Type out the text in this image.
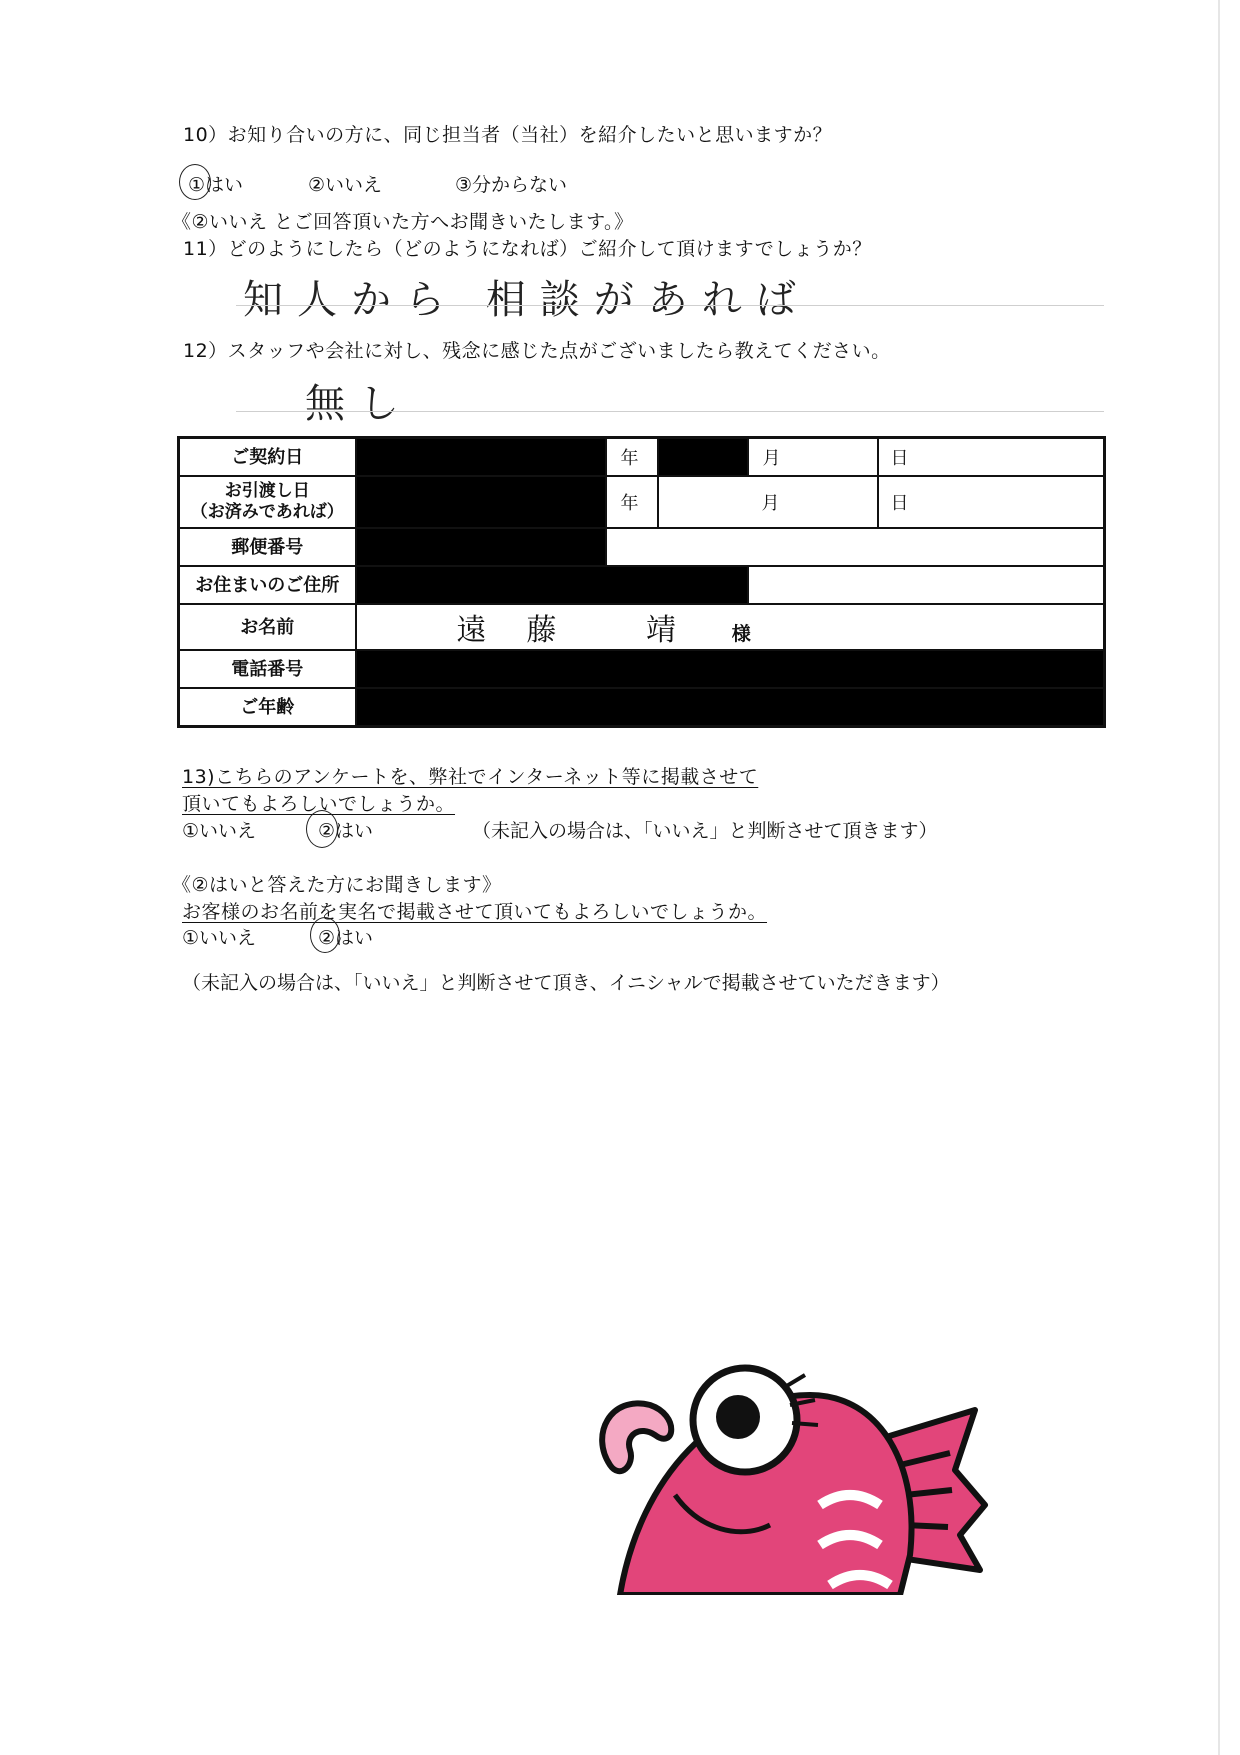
10）お知り合いの方に、同じ担当者（当社）を紹介したいと思いますか？
①はい	②いいえ	③分からない
《②いいえ とご回答頂いた方へお聞きいたします。》
11）どのようにしたら（どのようになれば）ご紹介して頂けますでしょうか？
知人から 相談があれば
12）スタッフや会社に対し、残念に感じた点がございましたら教えてください。
無し
ご契約日		年		月	日
お引渡し日
（お済みであれば）		年		月	日
郵便番号					
お住まいのご住所					
お名前	遠藤 靖 様				
電話番号					
ご年齢					
13)こちらのアンケートを、弊社でインターネット等に掲載させて
頂いてもよろしいでしょうか。
①いいえ	②はい	（未記入の場合は、「いいえ」と判断させて頂きます）
《②はいと答えた方にお聞きします》
お客様のお名前を実名で掲載させて頂いてもよろしいでしょうか。
①いいえ	②はい
（未記入の場合は、「いいえ」と判断させて頂き、イニシャルで掲載させていただきます）
